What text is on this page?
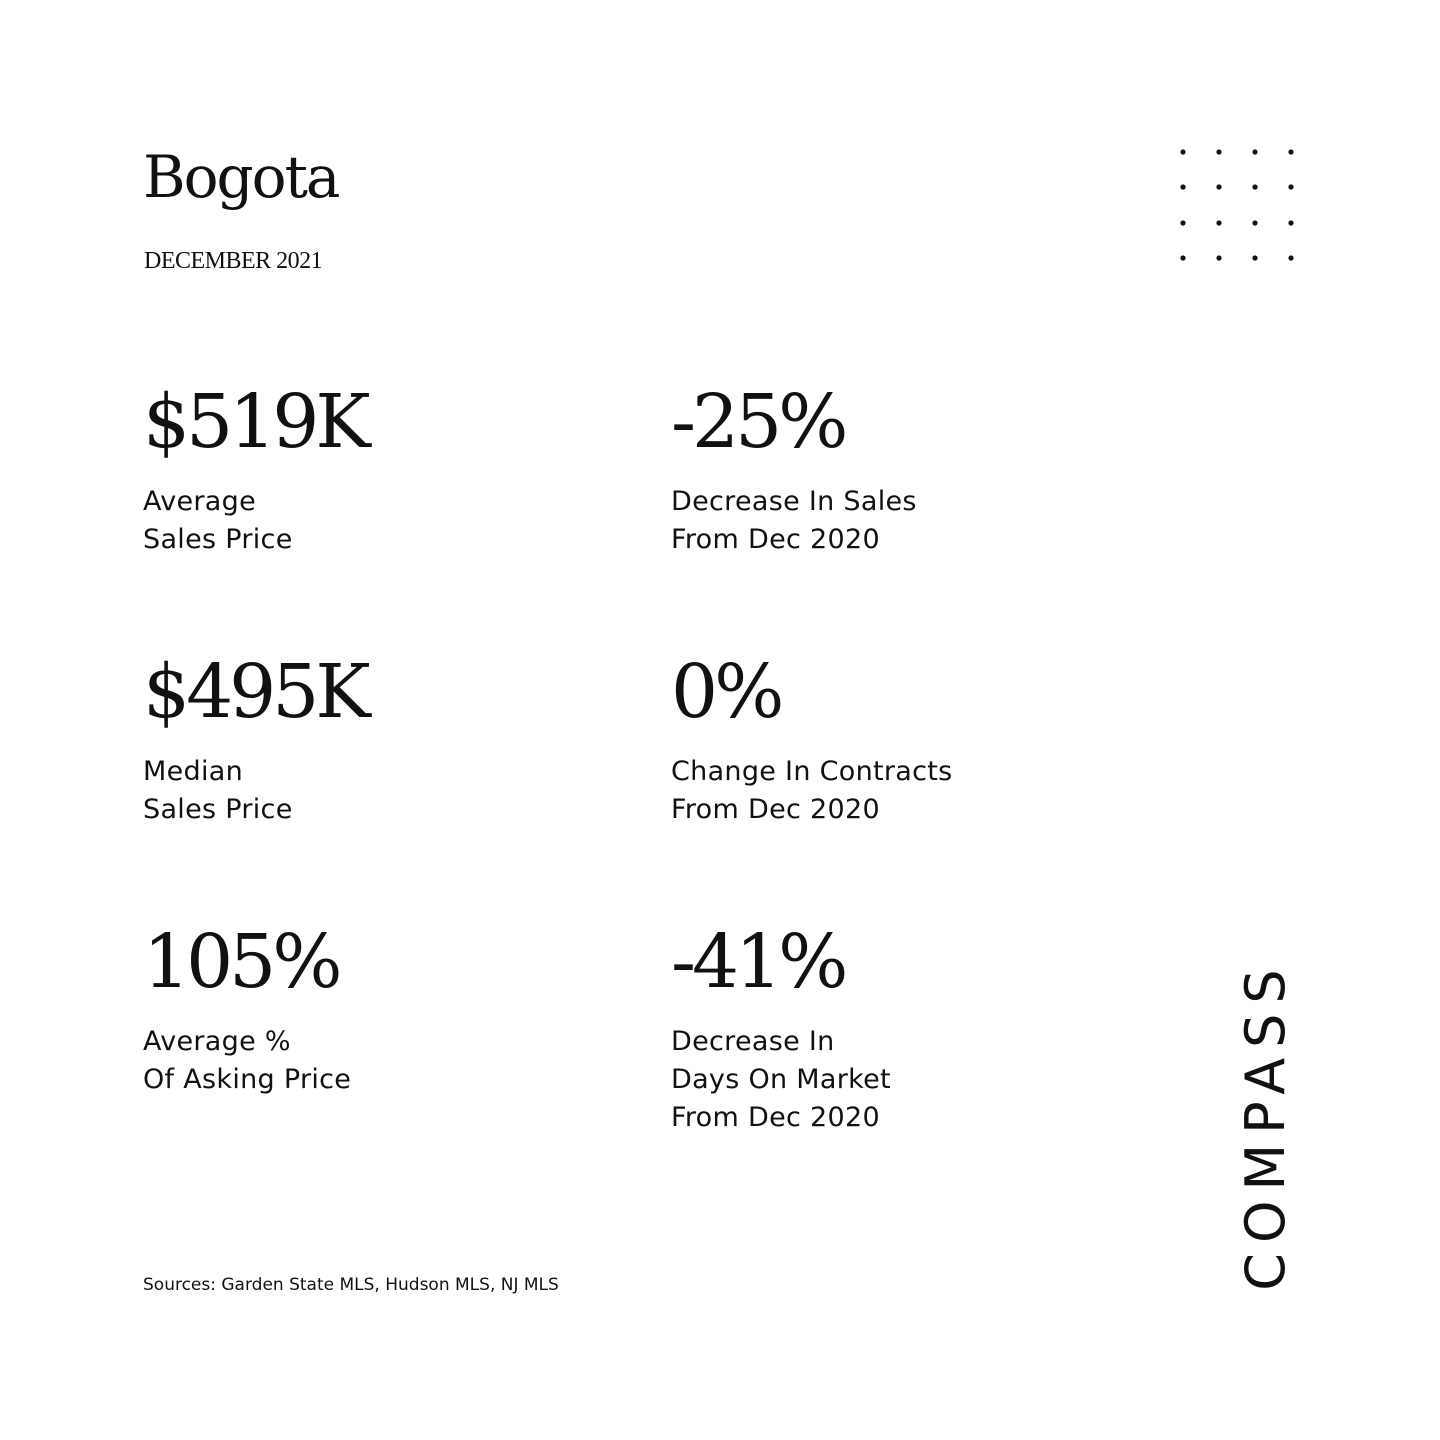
Bogota
DECEMBER 2021
$519K
Average
Sales Price
-25%
Decrease In Sales
From Dec 2020
$495K
Median
Sales Price
0%
Change In Contracts
From Dec 2020
105%
Average %
Of Asking Price
-41%
Decrease In
Days On Market
From Dec 2020
Sources: Garden State MLS, Hudson MLS, NJ MLS	COMPASS
